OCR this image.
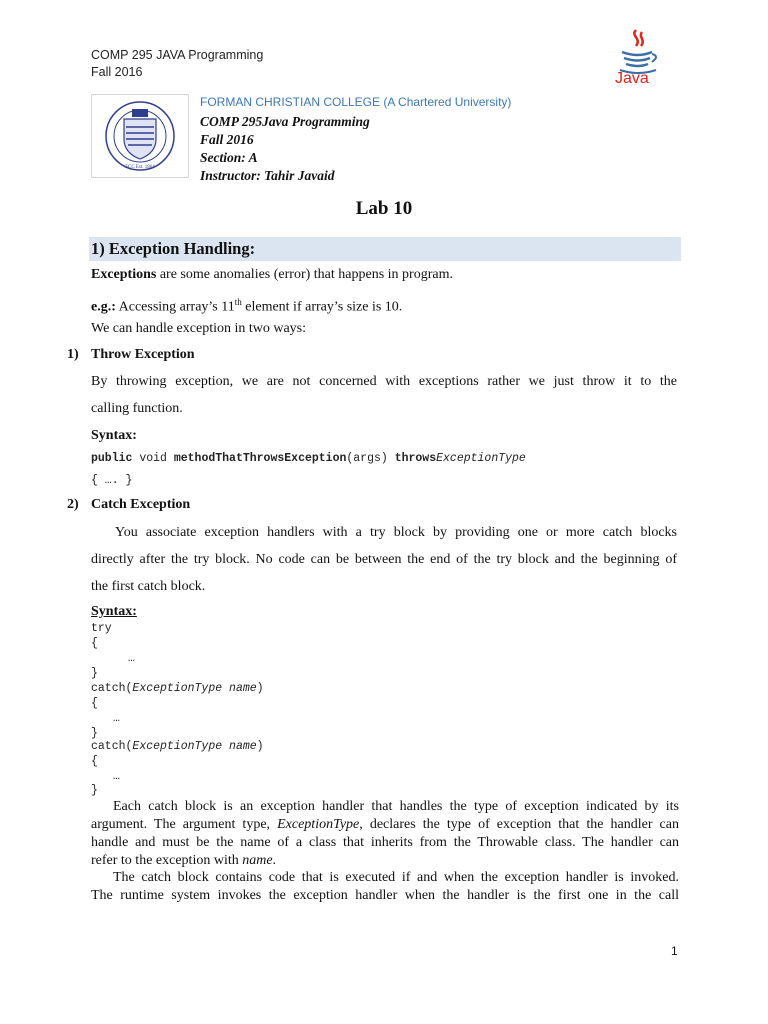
COMP 295 JAVA Programming
Fall 2016	Java
FCC Est. 1864
FORMAN CHRISTIAN COLLEGE (A Chartered University)
COMP 295Java Programming
Fall 2016
Section: A
Instructor: Tahir Javaid
Lab 10
1) Exception Handling:
Exceptions are some anomalies (error) that happens in program.
e.g.: Accessing array’s 11th element if array’s size is 10.
We can handle exception in two ways:
1) Throw Exception
By throwing exception, we are not concerned with exceptions rather we just throw it to the
calling function.
Syntax:
public void methodThatThrowsException(args) throwsExceptionType
{ …. }
2) Catch Exception
You associate exception handlers with a try block by providing one or more catch blocks
directly after the try block. No code can be between the end of the try block and the beginning of
the first catch block.
Syntax:
try
{
…
}
catch(ExceptionType name)
{
…
}
catch(ExceptionType name)
{
…
}
Each catch block is an exception handler that handles the type of exception indicated by its
argument. The argument type, ExceptionType, declares the type of exception that the handler can
handle and must be the name of a class that inherits from the Throwable class. The handler can
refer to the exception with name.
The catch block contains code that is executed if and when the exception handler is invoked.
The runtime system invokes the exception handler when the handler is the first one in the call
1
